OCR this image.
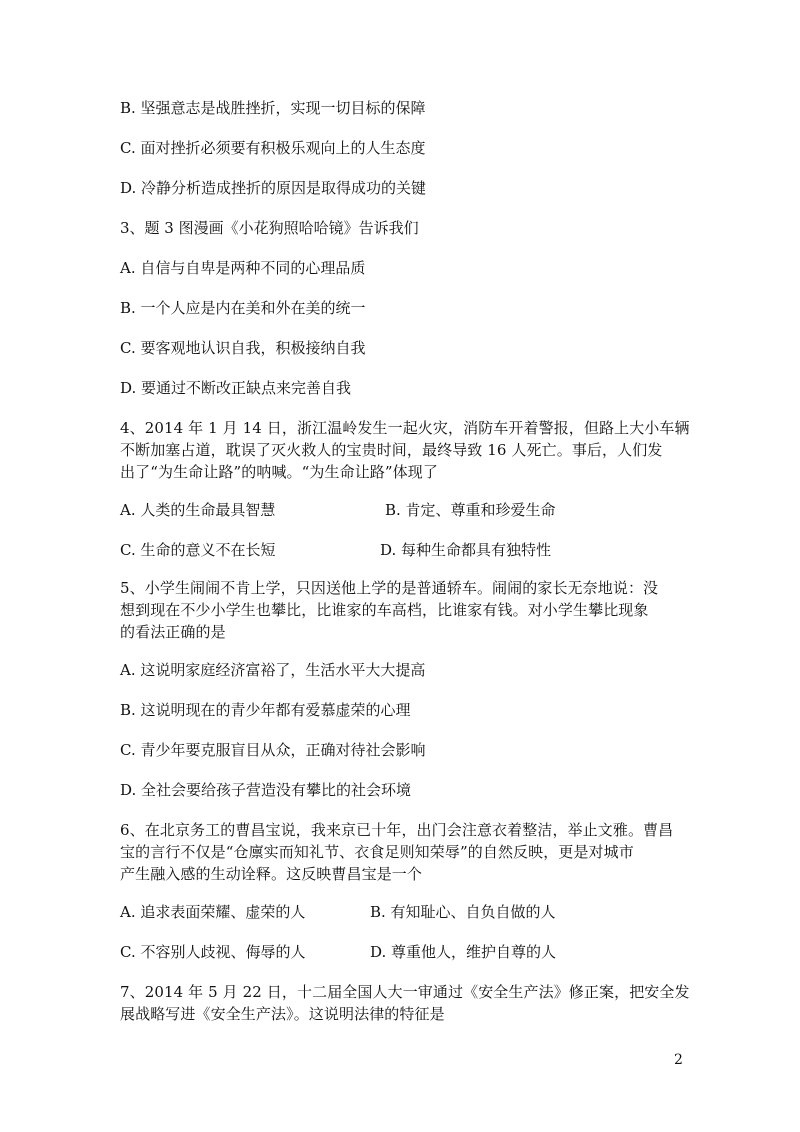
B. 坚强意志是战胜挫折，实现一切目标的保障
C. 面对挫折必须要有积极乐观向上的人生态度
D. 冷静分析造成挫折的原因是取得成功的关键
3、题 3 图漫画《小花狗照哈哈镜》告诉我们
A. 自信与自卑是两种不同的心理品质
B. 一个人应是内在美和外在美的统一
C. 要客观地认识自我，积极接纳自我
D. 要通过不断改正缺点来完善自我
4、2014 年 1 月 14 日，浙江温岭发生一起火灾，消防车开着警报，但路上大小车辆
不断加塞占道，耽误了灭火救人的宝贵时间，最终导致 16 人死亡。事后，人们发
出了“为生命让路”的呐喊。“为生命让路”体现了
A. 人类的生命最具智慧	B. 肯定、尊重和珍爱生命
C. 生命的意义不在长短	D. 每种生命都具有独特性
5、小学生闹闹不肯上学，只因送他上学的是普通轿车。闹闹的家长无奈地说：没
想到现在不少小学生也攀比，比谁家的车高档，比谁家有钱。对小学生攀比现象
的看法正确的是
A. 这说明家庭经济富裕了，生活水平大大提高
B. 这说明现在的青少年都有爱慕虚荣的心理
C. 青少年要克服盲目从众，正确对待社会影响
D. 全社会要给孩子营造没有攀比的社会环境
6、在北京务工的曹昌宝说，我来京已十年，出门会注意衣着整洁，举止文雅。曹昌
宝的言行不仅是“仓廪实而知礼节、衣食足则知荣辱”的自然反映，更是对城市
产生融入感的生动诠释。这反映曹昌宝是一个
A. 追求表面荣耀、虚荣的人	B. 有知耻心、自负自做的人
C. 不容别人歧视、侮辱的人	D. 尊重他人，维护自尊的人
7、2014 年 5 月 22 日，十二届全国人大一审通过《安全生产法》修正案，把安全发
展战略写进《安全生产法》。这说明法律的特征是
2
